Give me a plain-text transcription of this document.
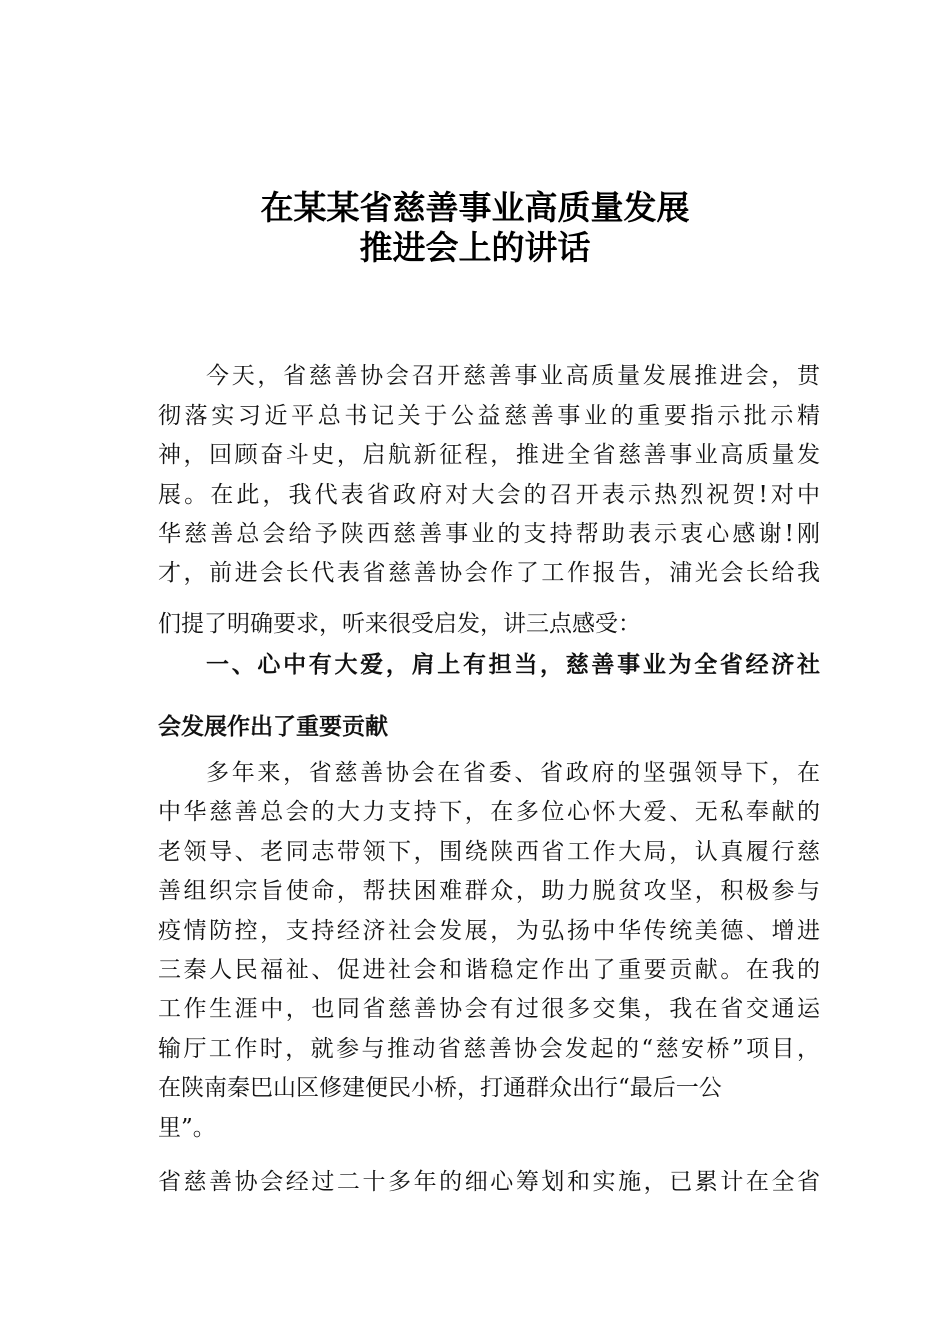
在某某省慈善事业高质量发展
推进会上的讲话
今天，省慈善协会召开慈善事业高质量发展推进会，贯
彻落实习近平总书记关于公益慈善事业的重要指示批示精
神，回顾奋斗史，启航新征程，推进全省慈善事业高质量发
展。在此，我代表省政府对大会的召开表示热烈祝贺!对中
华慈善总会给予陕西慈善事业的支持帮助表示衷心感谢!刚
才，前进会长代表省慈善协会作了工作报告，浦光会长给我
们提了明确要求，听来很受启发，讲三点感受：
一、心中有大爱，肩上有担当，慈善事业为全省经济社
会发展作出了重要贡献
多年来，省慈善协会在省委、省政府的坚强领导下，在
中华慈善总会的大力支持下，在多位心怀大爱、无私奉献的
老领导、老同志带领下，围绕陕西省工作大局，认真履行慈
善组织宗旨使命，帮扶困难群众，助力脱贫攻坚，积极参与
疫情防控，支持经济社会发展，为弘扬中华传统美德、增进
三秦人民福祉、促进社会和谐稳定作出了重要贡献。在我的
工作生涯中，也同省慈善协会有过很多交集，我在省交通运
输厅工作时，就参与推动省慈善协会发起的“慈安桥”项目，
在陕南秦巴山区修建便民小桥，打通群众出行“最后一公
里”。
省慈善协会经过二十多年的细心筹划和实施，已累计在全省
